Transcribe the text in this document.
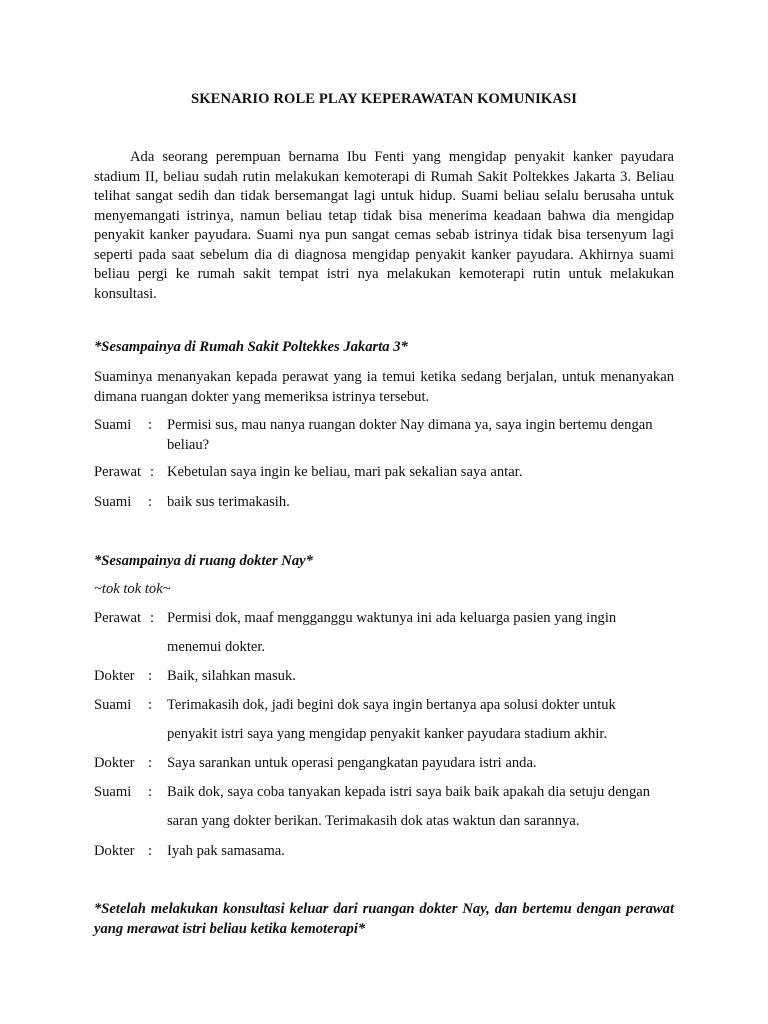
SKENARIO ROLE PLAY KEPERAWATAN KOMUNIKASI
Ada seorang perempuan bernama Ibu Fenti yang mengidap penyakit kanker payudara stadium II, beliau sudah rutin melakukan kemoterapi di Rumah Sakit Poltekkes Jakarta 3. Beliau telihat sangat sedih dan tidak bersemangat lagi untuk hidup. Suami beliau selalu berusaha untuk menyemangati istrinya, namun beliau tetap tidak bisa menerima keadaan bahwa dia mengidap penyakit kanker payudara. Suami nya pun sangat cemas sebab istrinya tidak bisa tersenyum lagi seperti pada saat sebelum dia di diagnosa mengidap penyakit kanker payudara. Akhirnya suami beliau pergi ke rumah sakit tempat istri nya melakukan kemoterapi rutin untuk melakukan konsultasi.
*Sesampainya di Rumah Sakit Poltekkes Jakarta 3*
Suaminya menanyakan kepada perawat yang ia temui ketika sedang berjalan, untuk menanyakan dimana ruangan dokter yang memeriksa istrinya tersebut.
Suami : Permisi sus, mau nanya ruangan dokter Nay dimana ya, saya ingin bertemu dengan beliau?
Perawat : Kebetulan saya ingin ke beliau, mari pak sekalian saya antar.
Suami : baik sus terimakasih.
*Sesampainya di ruang dokter Nay*
~tok tok tok~
Perawat : Permisi dok, maaf mengganggu waktunya ini ada keluarga pasien yang ingin
menemui dokter.
Dokter : Baik, silahkan masuk.
Suami : Terimakasih dok, jadi begini dok saya ingin bertanya apa solusi dokter untuk
penyakit istri saya yang mengidap penyakit kanker payudara stadium akhir.
Dokter : Saya sarankan untuk operasi pengangkatan payudara istri anda.
Suami : Baik dok, saya coba tanyakan kepada istri saya baik baik apakah dia setuju dengan
saran yang dokter berikan. Terimakasih dok atas waktun dan sarannya.
Dokter : Iyah pak samasama.
*Setelah melakukan konsultasi keluar dari ruangan dokter Nay, dan bertemu dengan perawat yang merawat istri beliau ketika kemoterapi*
